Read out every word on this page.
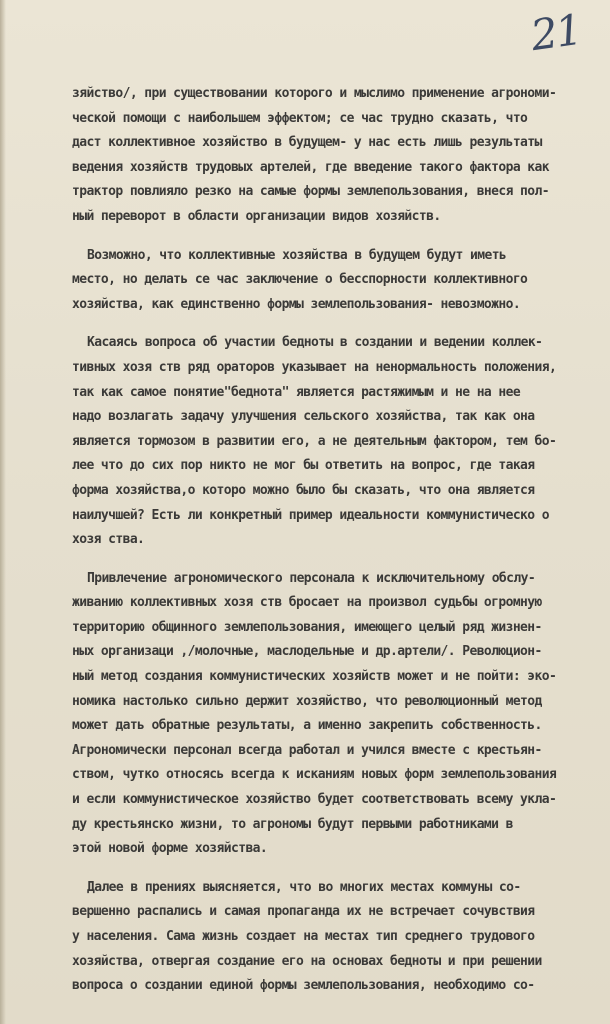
21
зяйство/, при существовании которого и мыслимо применение агрономи-
ческой помощи с наибольшем эффектом; се час трудно сказать, что
даст коллективное хозяйство в будущем- у нас есть лишь результаты
ведения хозяйств трудовых артелей, где введение такого фактора как
трактор повлияло резко на самые формы землепользования, внеся пол-
ный переворот в области организации видов хозяйств.
Возможно, что коллективные хозяйства в будущем будут иметь
место, но делать се час заключение о бесспорности коллективного
хозяйства, как единственно формы землепользования- невозможно.
Касаясь вопроса об участии бедноты в создании и ведении коллек-
тивных хозя ств ряд ораторов указывает на ненормальность положения,
так как самое понятие"беднота" является растяжимым и не на нее
надо возлагать задачу улучшения сельского хозяйства, так как она
является тормозом в развитии его, а не деятельным фактором, тем бо-
лее что до сих пор никто не мог бы ответить на вопрос, где такая
форма хозяйства,о которо можно было бы сказать, что она является
наилучшей? Есть ли конкретный пример идеальности коммунистическо о
хозя ства.
Привлечение агрономического персонала к исключительному обслу-
живанию коллективных хозя ств бросает на произвол судьбы огромную
территорию общинного землепользования, имеющего целый ряд жизнен-
ных организаци ,/молочные, маслодельные и др.артели/. Революцион-
ный метод создания коммунистических хозяйств может и не пойти: эко-
номика настолько сильно держит хозяйство, что революционный метод
может дать обратные результаты, а именно закрепить собственность.
Агрономически персонал всегда работал и учился вместе с крестьян-
ством, чутко относясь всегда к исканиям новых форм землепользования
и если коммунистическое хозяйство будет соответствовать всему укла-
ду крестьянско жизни, то агрономы будут первыми работниками в
этой новой форме хозяйства.
Далее в прениях выясняется, что во многих местах коммуны со-
вершенно распались и самая пропаганда их не встречает сочувствия
у населения. Сама жизнь создает на местах тип среднего трудового
хозяйства, отвергая создание его на основах бедноты и при решении
вопроса о создании единой формы землепользования, необходимо со-
